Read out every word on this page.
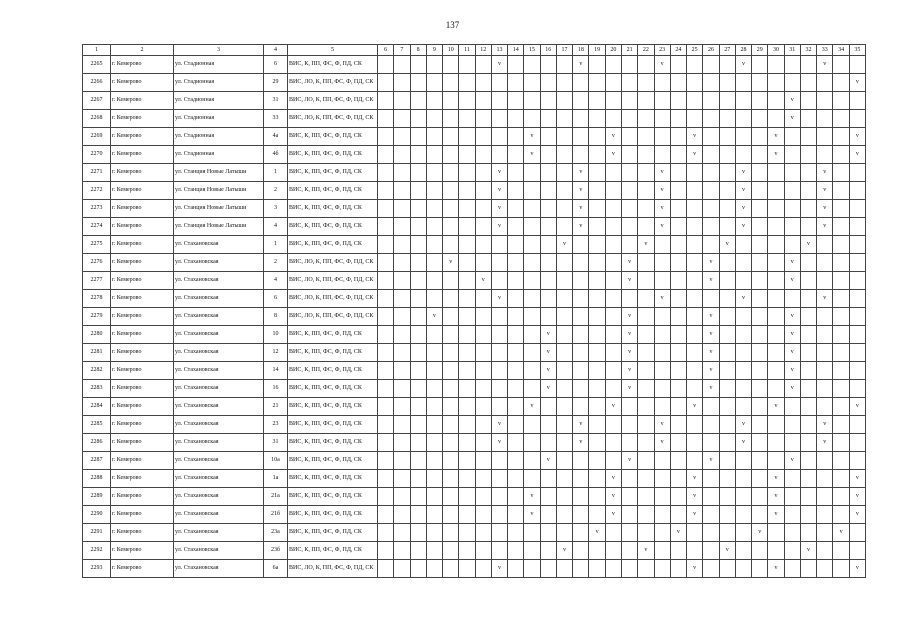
137
1	2	3	4	5	6	7	8	9	10	11	12	13	14	15	16	17	18	19	20	21	22	23	24	25	26	27	28	29	30	31	32	33	34	35
2265	г. Кемерово	ул. Стадионная	6	ВИС, К, ПП, ФС, Ф, ПД, СК								v					v					v					v					v		
2266	г. Кемерово	ул. Стадионная	29	ВИС, ЛО, К, ПП, ФС, Ф, ПД, СК																														v
2267	г. Кемерово	ул. Стадионная	31	ВИС, ЛО, К, ПП, ФС, Ф, ПД, СК																										v				
2268	г. Кемерово	ул. Стадионная	33	ВИС, ЛО, К, ПП, ФС, Ф, ПД, СК																										v				
2269	г. Кемерово	ул. Стадионная	4а	ВИС, К, ПП, ФС, Ф, ПД, СК										v					v					v					v					v
2270	г. Кемерово	ул. Стадионная	4б	ВИС, К, ПП, ФС, Ф, ПД, СК										v					v					v					v					v
2271	г. Кемерово	ул. Станция Новые Латыши	1	ВИС, К, ПП, ФС, Ф, ПД, СК								v					v					v					v					v		
2272	г. Кемерово	ул. Станция Новые Латыши	2	ВИС, К, ПП, ФС, Ф, ПД, СК								v					v					v					v					v		
2273	г. Кемерово	ул. Станция Новые Латыши	3	ВИС, К, ПП, ФС, Ф, ПД, СК								v					v					v					v					v		
2274	г. Кемерово	ул. Станция Новые Латыши	4	ВИС, К, ПП, ФС, Ф, ПД, СК								v					v					v					v					v		
2275	г. Кемерово	ул. Стахановская	1	ВИС, К, ПП, ФС, Ф, ПД, СК												v					v					v					v			
2276	г. Кемерово	ул. Стахановская	2	ВИС, ЛО, К, ПП, ФС, Ф, ПД, СК					v											v					v					v				
2277	г. Кемерово	ул. Стахановская	4	ВИС, ЛО, К, ПП, ФС, Ф, ПД, СК							v									v					v					v				
2278	г. Кемерово	ул. Стахановская	6	ВИС, ЛО, К, ПП, ФС, Ф, ПД, СК								v										v					v					v		
2279	г. Кемерово	ул. Стахановская	8	ВИС, ЛО, К, ПП, ФС, Ф, ПД, СК				v												v					v					v				
2280	г. Кемерово	ул. Стахановская	10	ВИС, К, ПП, ФС, Ф, ПД, СК											v					v					v					v				
2281	г. Кемерово	ул. Стахановская	12	ВИС, К, ПП, ФС, Ф, ПД, СК											v					v					v					v				
2282	г. Кемерово	ул. Стахановская	14	ВИС, К, ПП, ФС, Ф, ПД, СК											v					v					v					v				
2283	г. Кемерово	ул. Стахановская	16	ВИС, К, ПП, ФС, Ф, ПД, СК											v					v					v					v				
2284	г. Кемерово	ул. Стахановская	21	ВИС, К, ПП, ФС, Ф, ПД, СК										v					v					v					v					v
2285	г. Кемерово	ул. Стахановская	23	ВИС, К, ПП, ФС, Ф, ПД, СК								v					v					v					v					v		
2286	г. Кемерово	ул. Стахановская	31	ВИС, К, ПП, ФС, Ф, ПД, СК								v					v					v					v					v		
2287	г. Кемерово	ул. Стахановская	10а	ВИС, К, ПП, ФС, Ф, ПД, СК											v					v					v					v				
2288	г. Кемерово	ул. Стахановская	1а	ВИС, К, ПП, ФС, Ф, ПД, СК															v					v					v					v
2289	г. Кемерово	ул. Стахановская	21а	ВИС, К, ПП, ФС, Ф, ПД, СК										v					v					v					v					v
2290	г. Кемерово	ул. Стахановская	21б	ВИС, К, ПП, ФС, Ф, ПД, СК										v					v					v					v					v
2291	г. Кемерово	ул. Стахановская	23а	ВИС, К, ПП, ФС, Ф, ПД, СК														v					v					v					v	
2292	г. Кемерово	ул. Стахановская	23б	ВИС, К, ПП, ФС, Ф, ПД, СК												v					v					v					v			
2293	г. Кемерово	ул. Стахановская	6а	ВИС, ЛО, К, ПП, ФС, Ф, ПД, СК								v												v					v					v
